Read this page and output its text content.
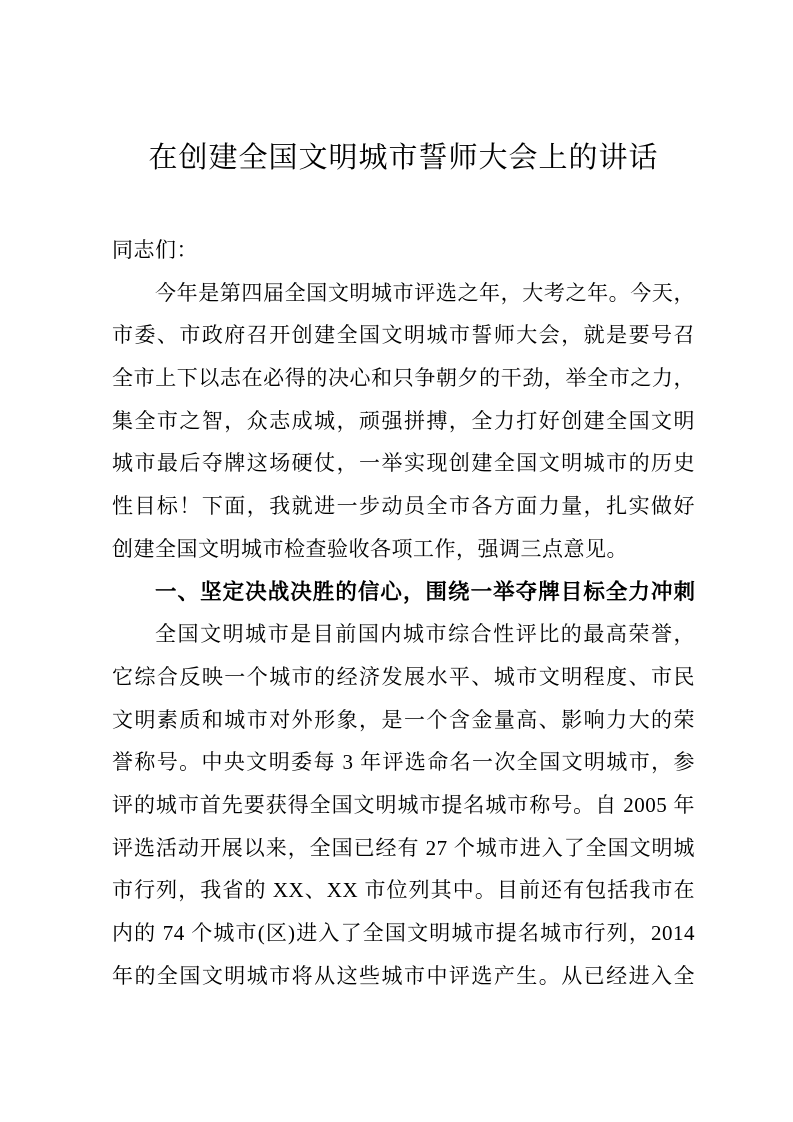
在创建全国文明城市誓师大会上的讲话
同志们：
今年是第四届全国文明城市评选之年，大考之年。今天，
市委、市政府召开创建全国文明城市誓师大会，就是要号召
全市上下以志在必得的决心和只争朝夕的干劲，举全市之力，
集全市之智，众志成城，顽强拼搏，全力打好创建全国文明
城市最后夺牌这场硬仗，一举实现创建全国文明城市的历史
性目标！下面，我就进一步动员全市各方面力量，扎实做好
创建全国文明城市检查验收各项工作，强调三点意见。
一、坚定决战决胜的信心，围绕一举夺牌目标全力冲刺
全国文明城市是目前国内城市综合性评比的最高荣誉，
它综合反映一个城市的经济发展水平、城市文明程度、市民
文明素质和城市对外形象，是一个含金量高、影响力大的荣
誉称号。中央文明委每 3 年评选命名一次全国文明城市，参
评的城市首先要获得全国文明城市提名城市称号。自 2005 年
评选活动开展以来，全国已经有 27 个城市进入了全国文明城
市行列，我省的 XX、XX 市位列其中。目前还有包括我市在
内的 74 个城市(区)进入了全国文明城市提名城市行列，2014
年的全国文明城市将从这些城市中评选产生。从已经进入全
